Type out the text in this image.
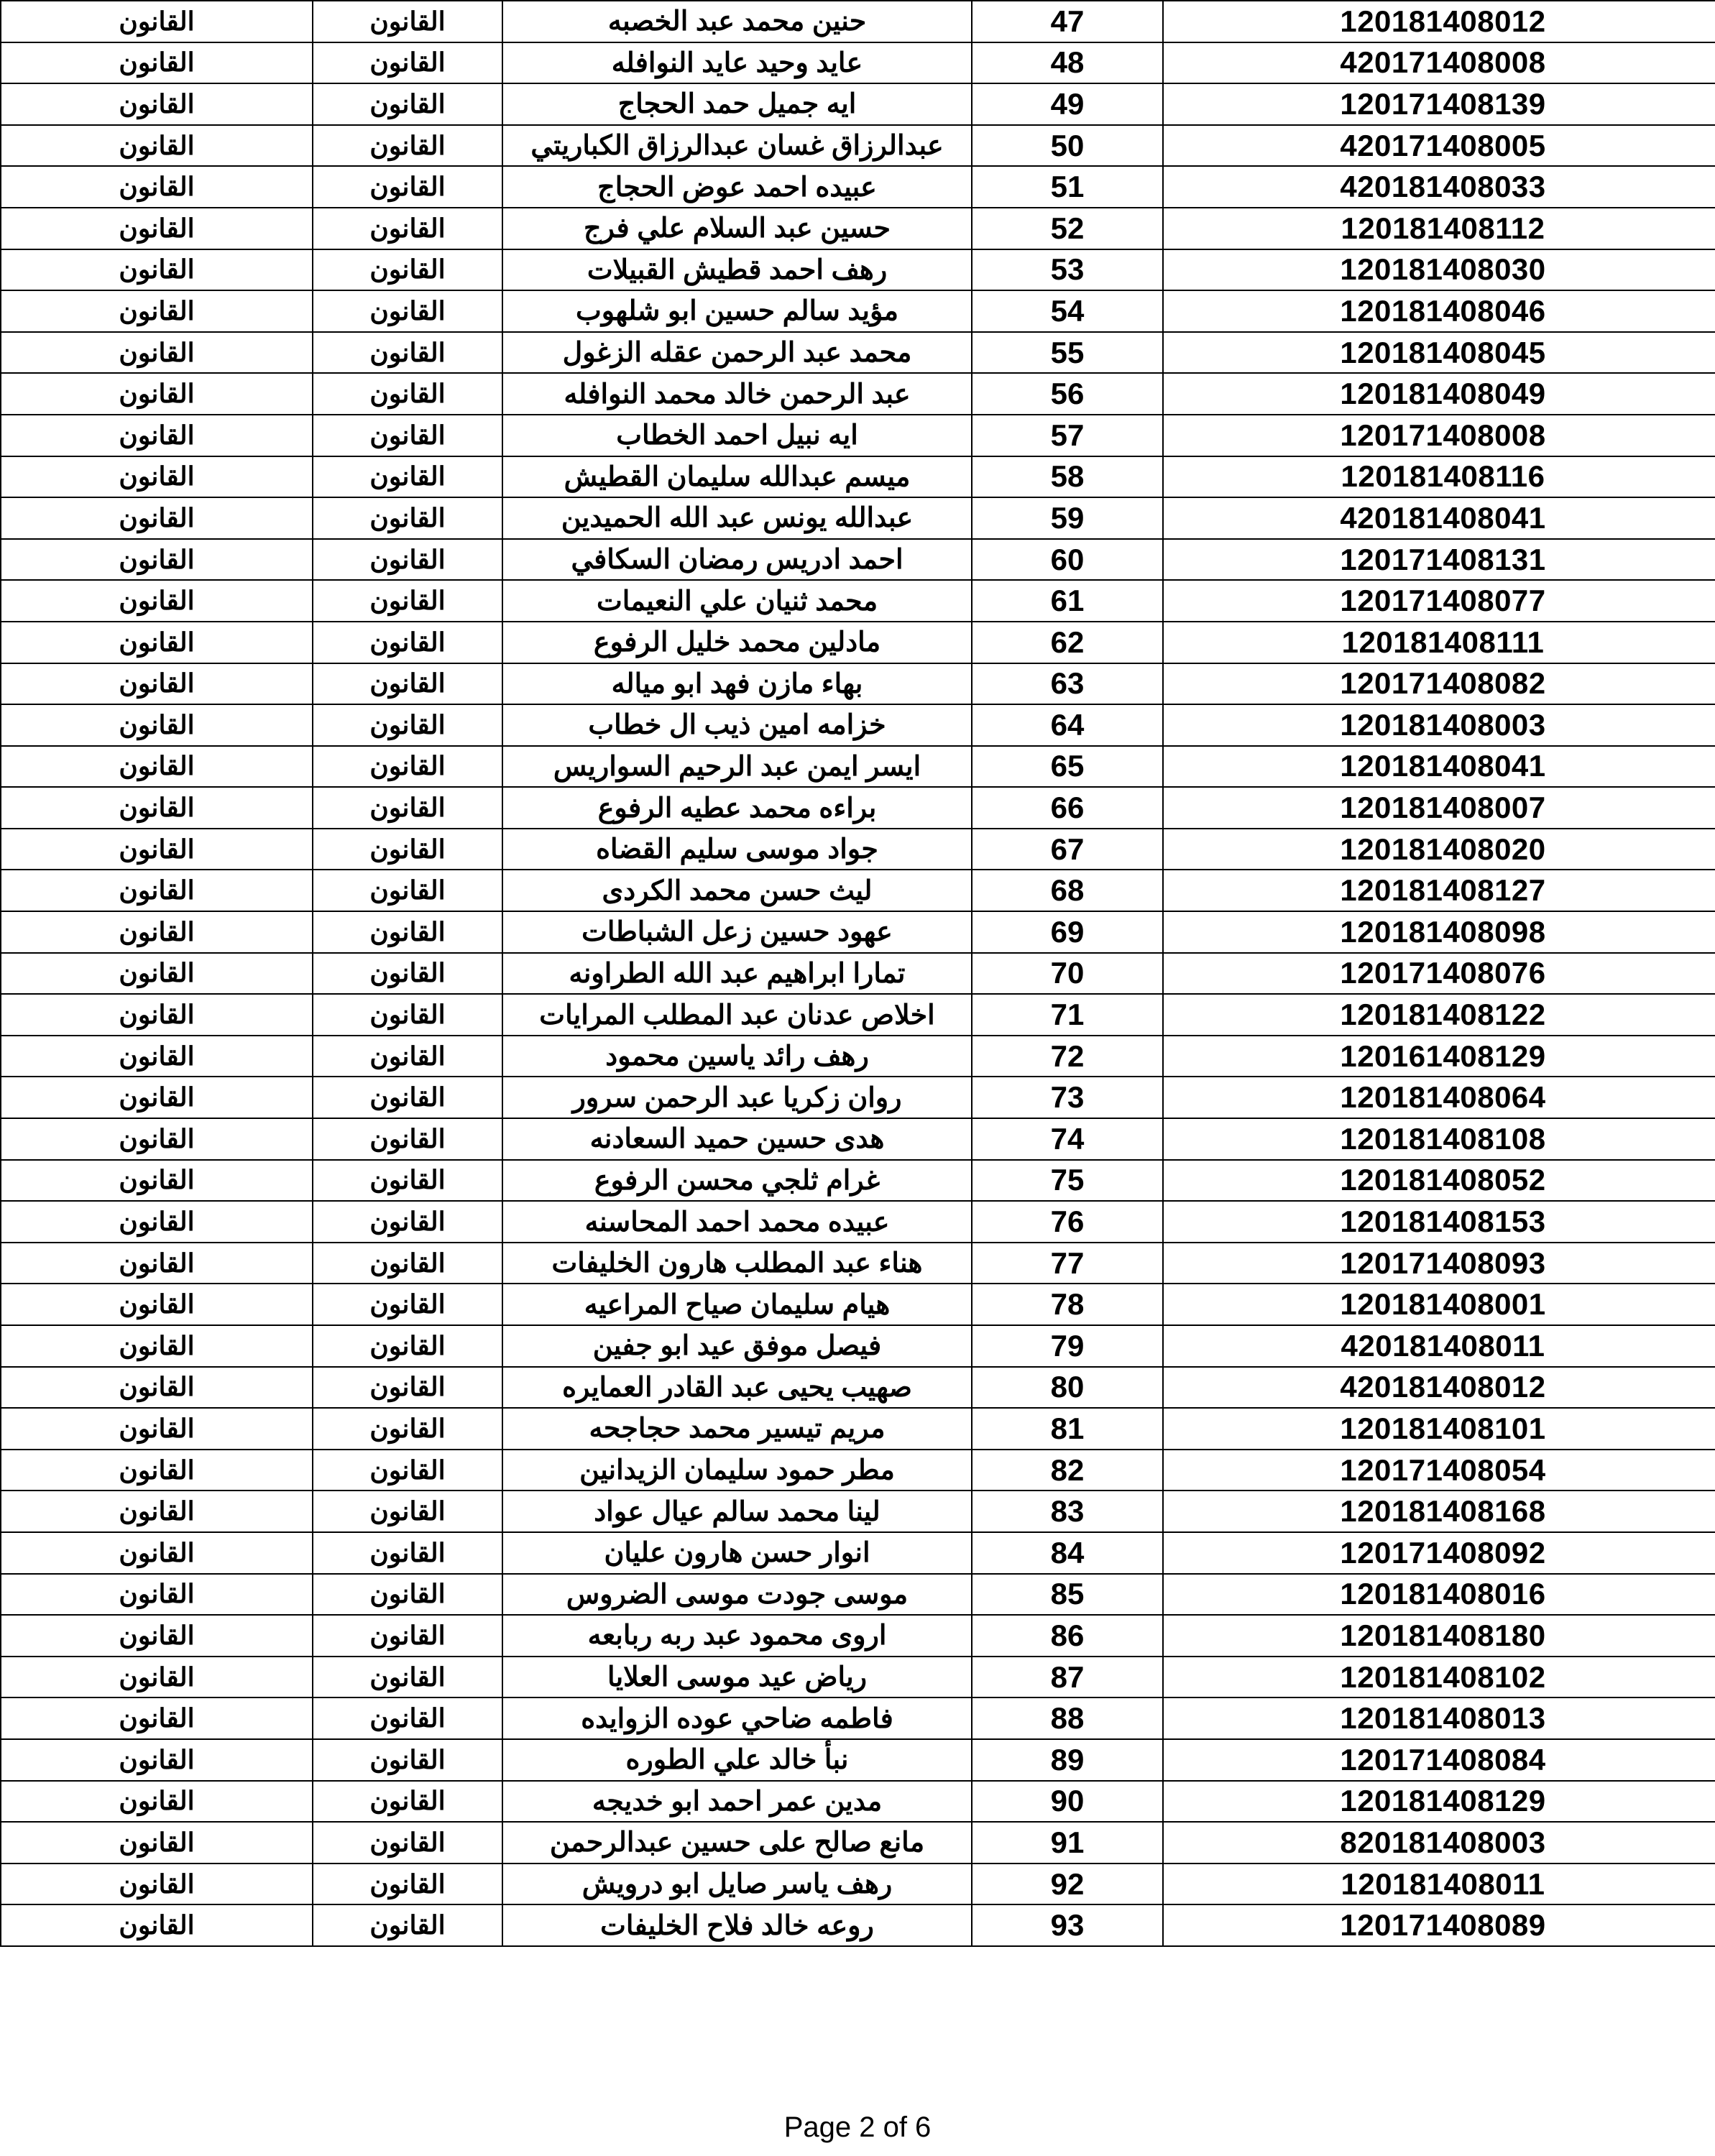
القانون	القانون	حنين محمد عبد الخصبه	47	120181408012
القانون	القانون	عايد وحيد عايد النوافله	48	420171408008
القانون	القانون	ايه جميل حمد الحجاج	49	120171408139
القانون	القانون	عبدالرزاق غسان عبدالرزاق الكباريتي	50	420171408005
القانون	القانون	عبيده احمد عوض الحجاج	51	420181408033
القانون	القانون	حسين عبد السلام علي فرج	52	120181408112
القانون	القانون	رهف احمد قطيش القبيلات	53	120181408030
القانون	القانون	مؤيد سالم حسين ابو شلهوب	54	120181408046
القانون	القانون	محمد عبد الرحمن عقله الزغول	55	120181408045
القانون	القانون	عبد الرحمن خالد محمد النوافله	56	120181408049
القانون	القانون	ايه نبيل احمد الخطاب	57	120171408008
القانون	القانون	ميسم عبدالله سليمان القطيش	58	120181408116
القانون	القانون	عبدالله يونس عبد الله الحميدين	59	420181408041
القانون	القانون	احمد ادريس رمضان السكافي	60	120171408131
القانون	القانون	محمد ثنيان علي النعيمات	61	120171408077
القانون	القانون	مادلين محمد خليل الرفوع	62	120181408111
القانون	القانون	بهاء مازن فهد ابو مياله	63	120171408082
القانون	القانون	خزامه امين ذيب ال خطاب	64	120181408003
القانون	القانون	ايسر ايمن عبد الرحيم السواريس	65	120181408041
القانون	القانون	براءه محمد عطيه الرفوع	66	120181408007
القانون	القانون	جواد موسى سليم القضاه	67	120181408020
القانون	القانون	ليث حسن محمد الكردى	68	120181408127
القانون	القانون	عهود حسين زعل الشباطات	69	120181408098
القانون	القانون	تمارا ابراهيم عبد الله الطراونه	70	120171408076
القانون	القانون	اخلاص عدنان عبد المطلب المرايات	71	120181408122
القانون	القانون	رهف رائد ياسين محمود	72	120161408129
القانون	القانون	روان زكريا عبد الرحمن سرور	73	120181408064
القانون	القانون	هدى حسين حميد السعادنه	74	120181408108
القانون	القانون	غرام ثلجي محسن الرفوع	75	120181408052
القانون	القانون	عبيده محمد احمد المحاسنه	76	120181408153
القانون	القانون	هناء عبد المطلب هارون الخليفات	77	120171408093
القانون	القانون	هيام سليمان صياح المراعيه	78	120181408001
القانون	القانون	فيصل موفق عيد ابو جفين	79	420181408011
القانون	القانون	صهيب يحيى عبد القادر العمايره	80	420181408012
القانون	القانون	مريم تيسير محمد حجاجحه	81	120181408101
القانون	القانون	مطر حمود سليمان الزيدانين	82	120171408054
القانون	القانون	لينا محمد سالم عيال عواد	83	120181408168
القانون	القانون	انوار حسن هارون عليان	84	120171408092
القانون	القانون	موسى جودت موسى الضروس	85	120181408016
القانون	القانون	اروى محمود عبد ربه ربابعه	86	120181408180
القانون	القانون	رياض عيد موسى العلايا	87	120181408102
القانون	القانون	فاطمه ضاحي عوده الزوايده	88	120181408013
القانون	القانون	نبأ خالد علي الطوره	89	120171408084
القانون	القانون	مدين عمر احمد ابو خديجه	90	120181408129
القانون	القانون	مانع صالح على حسين عبدالرحمن	91	820181408003
القانون	القانون	رهف ياسر صايل ابو درويش	92	120181408011
القانون	القانون	روعه خالد فلاح الخليفات	93	120171408089
Page 2 of 6
